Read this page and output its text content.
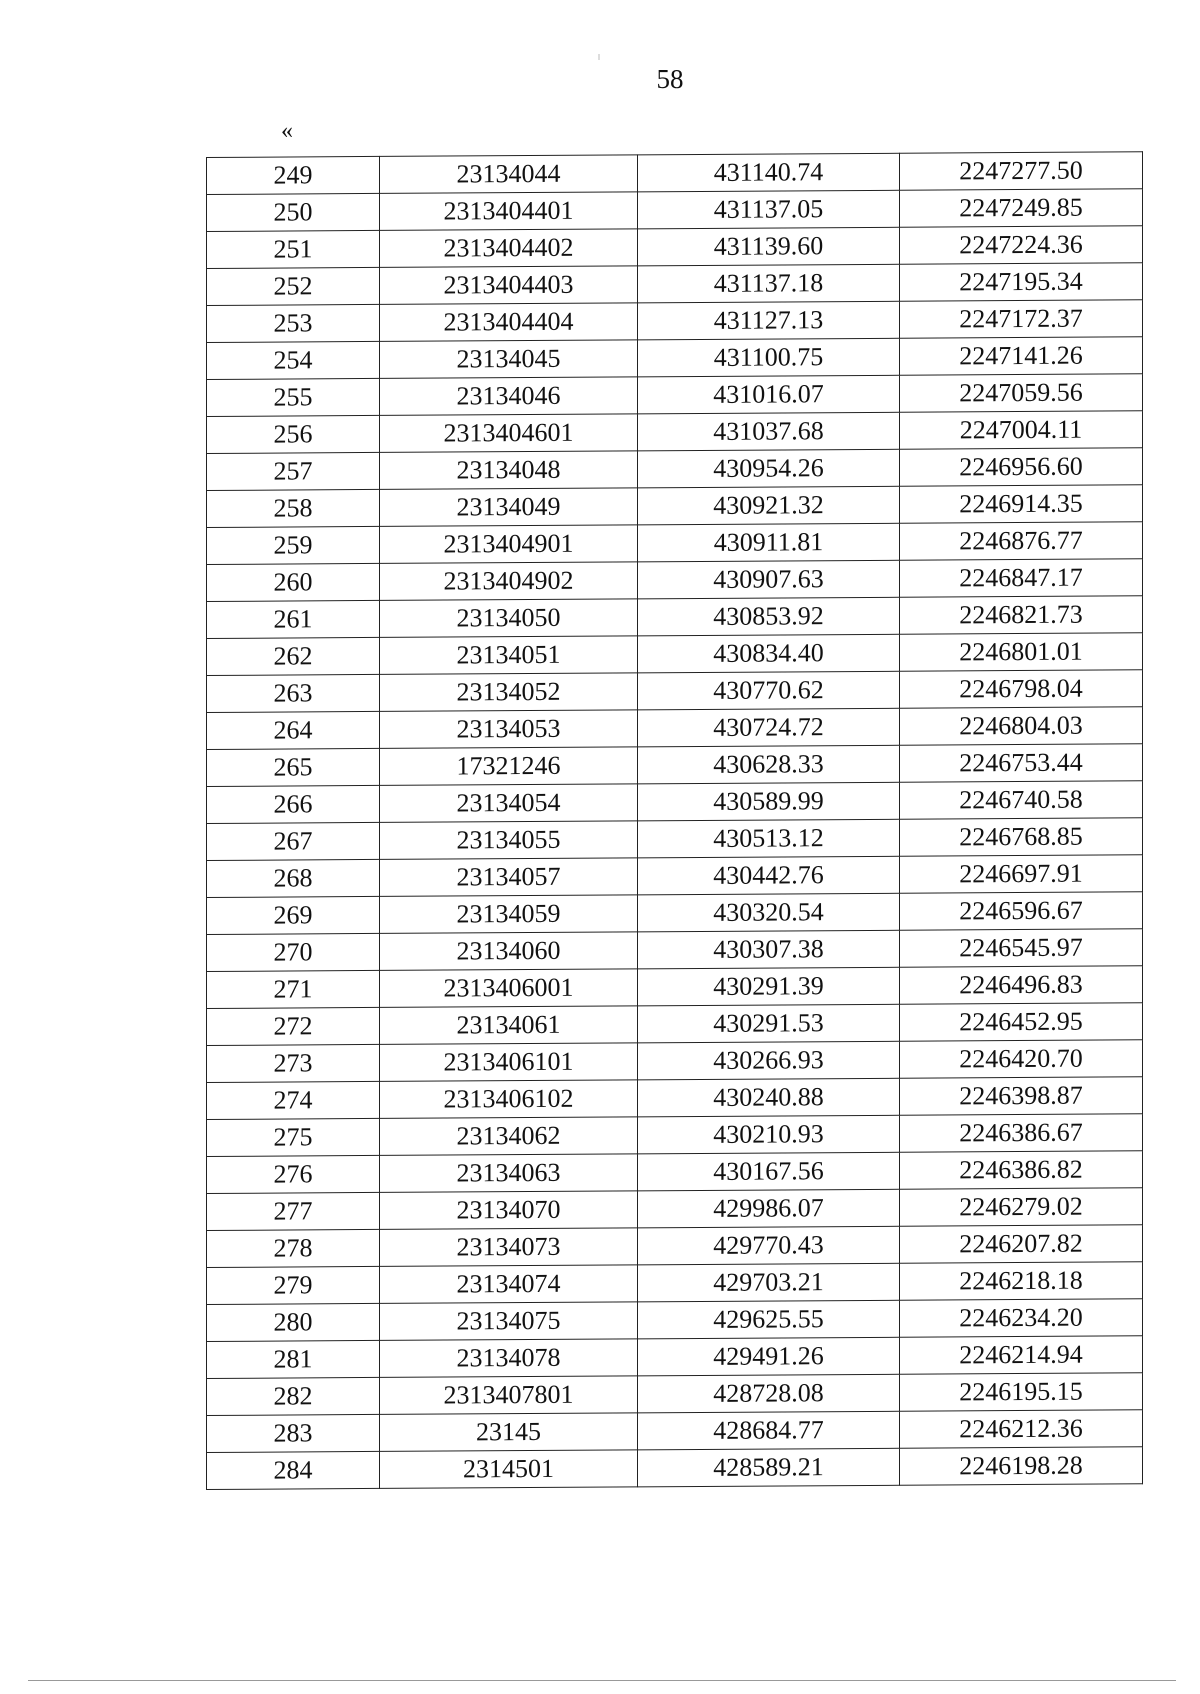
58
«
249	23134044	431140.74	2247277.50
250	2313404401	431137.05	2247249.85
251	2313404402	431139.60	2247224.36
252	2313404403	431137.18	2247195.34
253	2313404404	431127.13	2247172.37
254	23134045	431100.75	2247141.26
255	23134046	431016.07	2247059.56
256	2313404601	431037.68	2247004.11
257	23134048	430954.26	2246956.60
258	23134049	430921.32	2246914.35
259	2313404901	430911.81	2246876.77
260	2313404902	430907.63	2246847.17
261	23134050	430853.92	2246821.73
262	23134051	430834.40	2246801.01
263	23134052	430770.62	2246798.04
264	23134053	430724.72	2246804.03
265	17321246	430628.33	2246753.44
266	23134054	430589.99	2246740.58
267	23134055	430513.12	2246768.85
268	23134057	430442.76	2246697.91
269	23134059	430320.54	2246596.67
270	23134060	430307.38	2246545.97
271	2313406001	430291.39	2246496.83
272	23134061	430291.53	2246452.95
273	2313406101	430266.93	2246420.70
274	2313406102	430240.88	2246398.87
275	23134062	430210.93	2246386.67
276	23134063	430167.56	2246386.82
277	23134070	429986.07	2246279.02
278	23134073	429770.43	2246207.82
279	23134074	429703.21	2246218.18
280	23134075	429625.55	2246234.20
281	23134078	429491.26	2246214.94
282	2313407801	428728.08	2246195.15
283	23145	428684.77	2246212.36
284	2314501	428589.21	2246198.28
